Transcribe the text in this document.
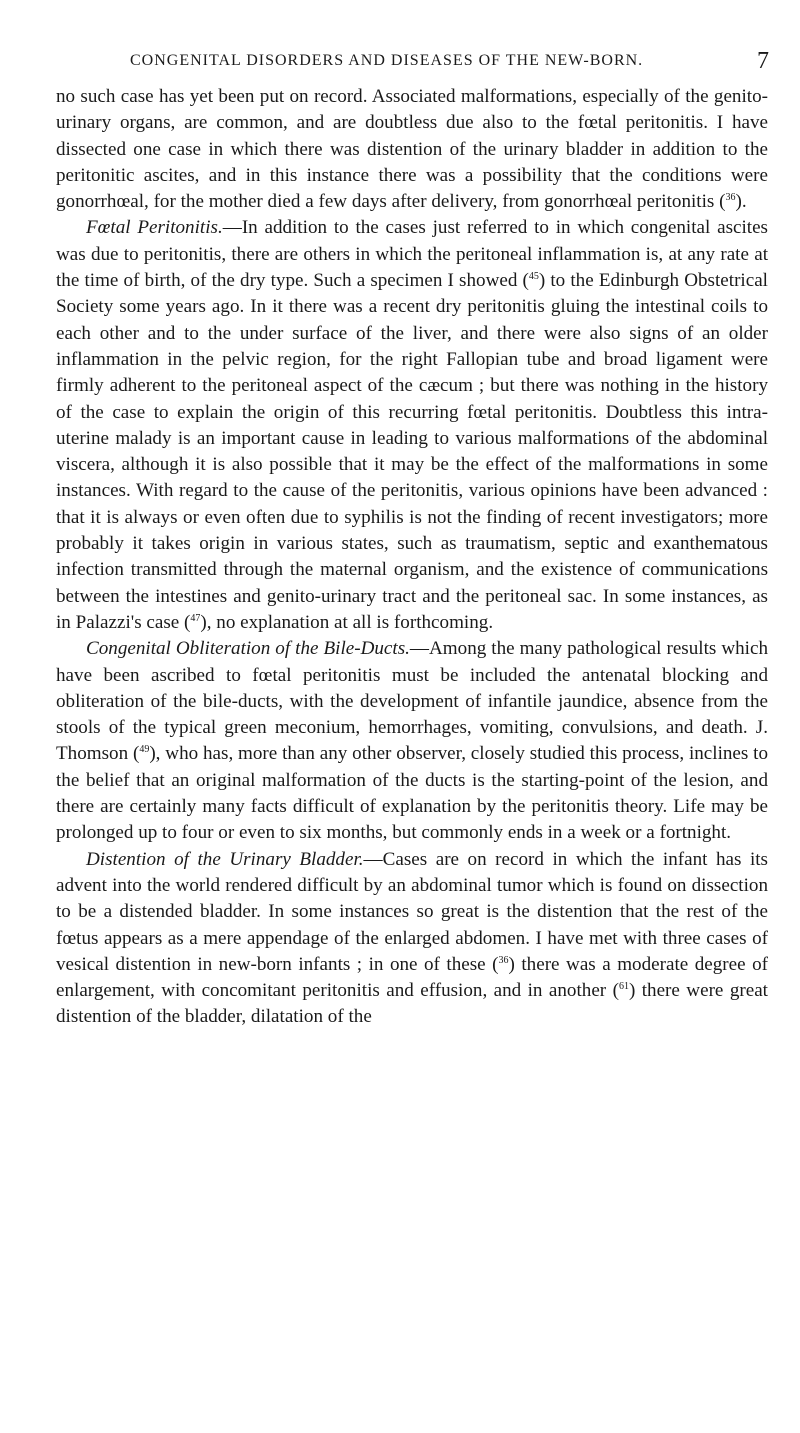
CONGENITAL DISORDERS AND DISEASES OF THE NEW-BORN.	7

no such case has yet been put on record. Associated malformations, especially of the genito-urinary organs, are common, and are doubtless due also to the fœtal peritonitis. I have dissected one case in which there was distention of the urinary bladder in addition to the peritonitic ascites, and in this instance there was a possibility that the conditions were gonorrhœal, for the mother died a few days after delivery, from gonorrhœal peritonitis ($^{36}$).

Fœtal Peritonitis.—In addition to the cases just referred to in which congenital ascites was due to peritonitis, there are others in which the peritoneal inflammation is, at any rate at the time of birth, of the dry type. Such a specimen I showed ($^{45}$) to the Edinburgh Obstetrical Society some years ago. In it there was a recent dry peritonitis gluing the intestinal coils to each other and to the under surface of the liver, and there were also signs of an older inflammation in the pelvic region, for the right Fallopian tube and broad ligament were firmly adherent to the peritoneal aspect of the cæcum ; but there was nothing in the history of the case to explain the origin of this recurring fœtal peritonitis. Doubtless this intra-uterine malady is an important cause in leading to various malformations of the abdominal viscera, although it is also possible that it may be the effect of the malformations in some instances. With regard to the cause of the peritonitis, various opinions have been advanced : that it is always or even often due to syphilis is not the finding of recent investigators; more probably it takes origin in various states, such as traumatism, septic and exanthematous infection transmitted through the maternal organism, and the existence of communications between the intestines and genito-urinary tract and the peritoneal sac. In some instances, as in Palazzi's case ($^{47}$), no explanation at all is forthcoming.

Congenital Obliteration of the Bile-Ducts.—Among the many pathological results which have been ascribed to fœtal peritonitis must be included the antenatal blocking and obliteration of the bile-ducts, with the development of infantile jaundice, absence from the stools of the typical green meconium, hemorrhages, vomiting, convulsions, and death. J. Thomson ($^{49}$), who has, more than any other observer, closely studied this process, inclines to the belief that an original malformation of the ducts is the starting-point of the lesion, and there are certainly many facts difficult of explanation by the peritonitis theory. Life may be prolonged up to four or even to six months, but commonly ends in a week or a fortnight.

Distention of the Urinary Bladder.—Cases are on record in which the infant has its advent into the world rendered difficult by an abdominal tumor which is found on dissection to be a distended bladder. In some instances so great is the distention that the rest of the fœtus appears as a mere appendage of the enlarged abdomen. I have met with three cases of vesical distention in new-born infants ; in one of these ($^{36}$) there was a moderate degree of enlargement, with concomitant peritonitis and effusion, and in another ($^{61}$) there were great distention of the bladder, dilatation of the
